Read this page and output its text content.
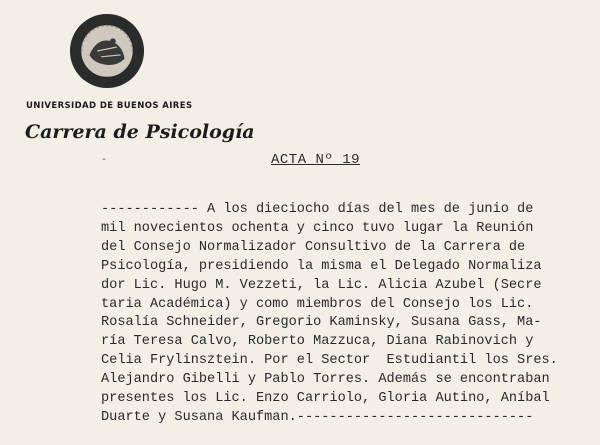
UNIVERSIDAD DE BUENOS AIRES
Carrera de Psicología
-	ACTA Nº 19
------------ A los dieciocho días del mes de junio de
mil novecientos ochenta y cinco tuvo lugar la Reunión
del Consejo Normalizador Consultivo de la Carrera de
Psicología, presidiendo la misma el Delegado Normaliza
dor Lic. Hugo M. Vezzeti, la Lic. Alicia Azubel (Secre
taria Académica) y como miembros del Consejo los Lic.
Rosalía Schneider, Gregorio Kaminsky, Susana Gass, Ma-
ría Teresa Calvo, Roberto Mazzuca, Diana Rabinovich y
Celia Frylinsztein. Por el Sector  Estudiantil los Sres.
Alejandro Gibelli y Pablo Torres. Además se encontraban
presentes los Lic. Enzo Carriolo, Gloria Autino, Aníbal
Duarte y Susana Kaufman.-----------------------------
